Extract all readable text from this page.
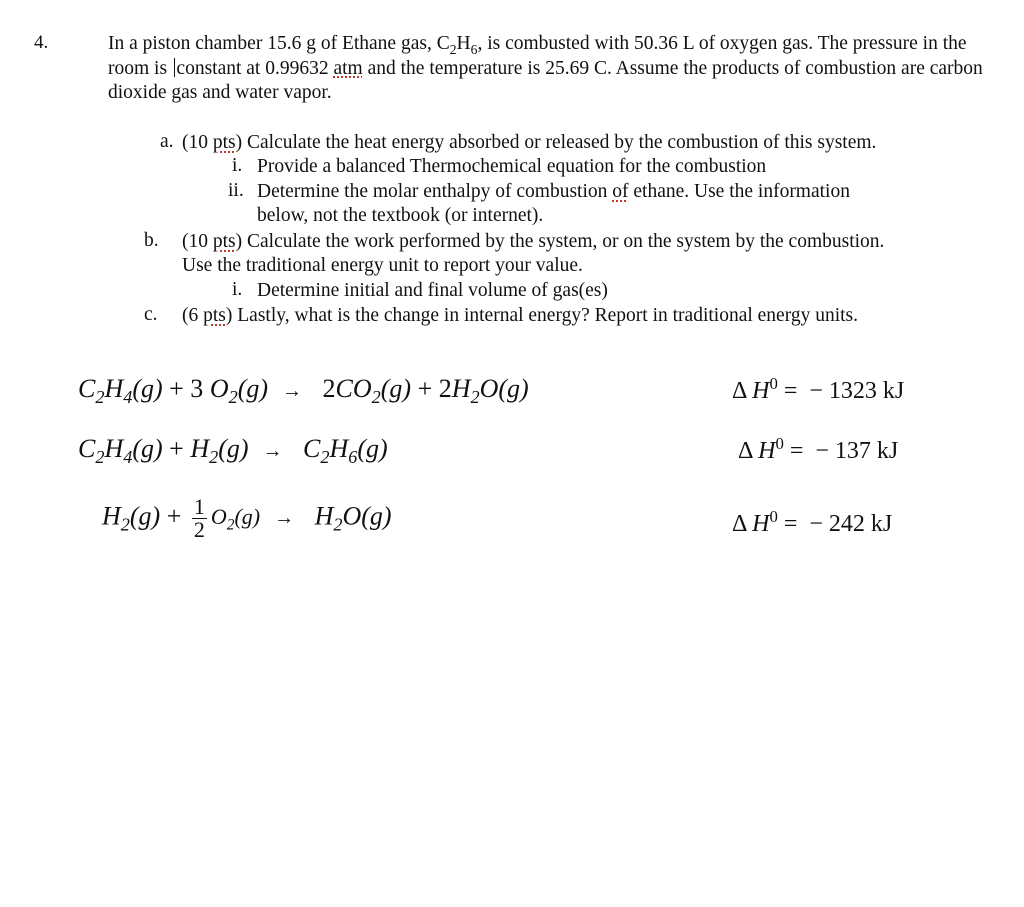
4.	In a piston chamber 15.6 g of Ethane gas, $C_2H_6$, is combusted with 50.36 L of oxygen gas. The pressure in the room is constant at 0.99632 atm and the temperature is 25.69 C. Assume the products of combustion are carbon dioxide gas and water vapor.
a. (10 pts) Calculate the heat energy absorbed or released by the combustion of this system.
i. Provide a balanced Thermochemical equation for the combustion
ii. Determine the molar enthalpy of combustion of ethane. Use the information
below, not the textbook (or internet).
b. (10 pts) Calculate the work performed by the system, or on the system by the combustion.
Use the traditional energy unit to report your value.
i. Determine initial and final volume of gas(es)
c. (6 pts) Lastly, what is the change in internal energy? Report in traditional energy units.
$C_2H_4(g) + 3$ $O_2(g) \to 2CO_2(g) + 2H_2O(g)$	Δ $H^0$ =  − 1323 kJ
$C_2H_4(g) + H_2(g) \to C_2H_6(g)$	Δ $H^0$ =  − 137 kJ
$H_2(g) + \frac{1}{2} O_2(g) \to H_2O(g)$	Δ $H^0$ =  − 242 kJ
